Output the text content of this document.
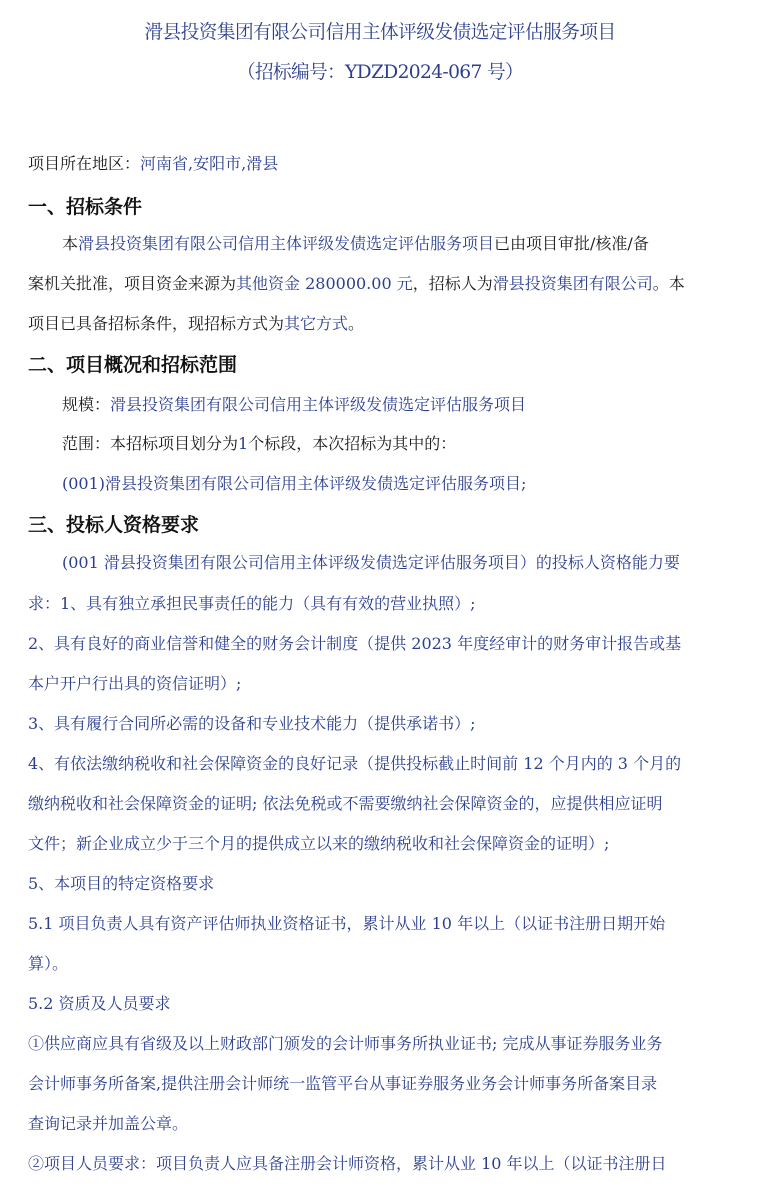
滑县投资集团有限公司信用主体评级发债选定评估服务项目
（招标编号：YDZD2024-067 号）
项目所在地区：河南省,安阳市,滑县
一、招标条件
本滑县投资集团有限公司信用主体评级发债选定评估服务项目已由项目审批/核准/备
案机关批准，项目资金来源为其他资金 280000.00 元，招标人为滑县投资集团有限公司。本
项目已具备招标条件，现招标方式为其它方式。
二、项目概况和招标范围
规模：滑县投资集团有限公司信用主体评级发债选定评估服务项目
范围：本招标项目划分为1个标段，本次招标为其中的：
(001)滑县投资集团有限公司信用主体评级发债选定评估服务项目;
三、投标人资格要求
(001 滑县投资集团有限公司信用主体评级发债选定评估服务项目）的投标人资格能力要
求：1、具有独立承担民事责任的能力（具有有效的营业执照）;
2、具有良好的商业信誉和健全的财务会计制度（提供 2023 年度经审计的财务审计报告或基
本户开户行出具的资信证明）;
3、具有履行合同所必需的设备和专业技术能力（提供承诺书）;
4、有依法缴纳税收和社会保障资金的良好记录（提供投标截止时间前 12 个月内的 3 个月的
缴纳税收和社会保障资金的证明; 依法免税或不需要缴纳社会保障资金的，应提供相应证明
文件；新企业成立少于三个月的提供成立以来的缴纳税收和社会保障资金的证明）;
5、本项目的特定资格要求
5.1 项目负责人具有资产评估师执业资格证书，累计从业 10 年以上（以证书注册日期开始
算）。
5.2 资质及人员要求
①供应商应具有省级及以上财政部门颁发的会计师事务所执业证书; 完成从事证券服务业务
会计师事务所备案,提供注册会计师统一监管平台从事证券服务业务会计师事务所备案目录
查询记录并加盖公章。
②项目人员要求：项目负责人应具备注册会计师资格，累计从业 10 年以上（以证书注册日
